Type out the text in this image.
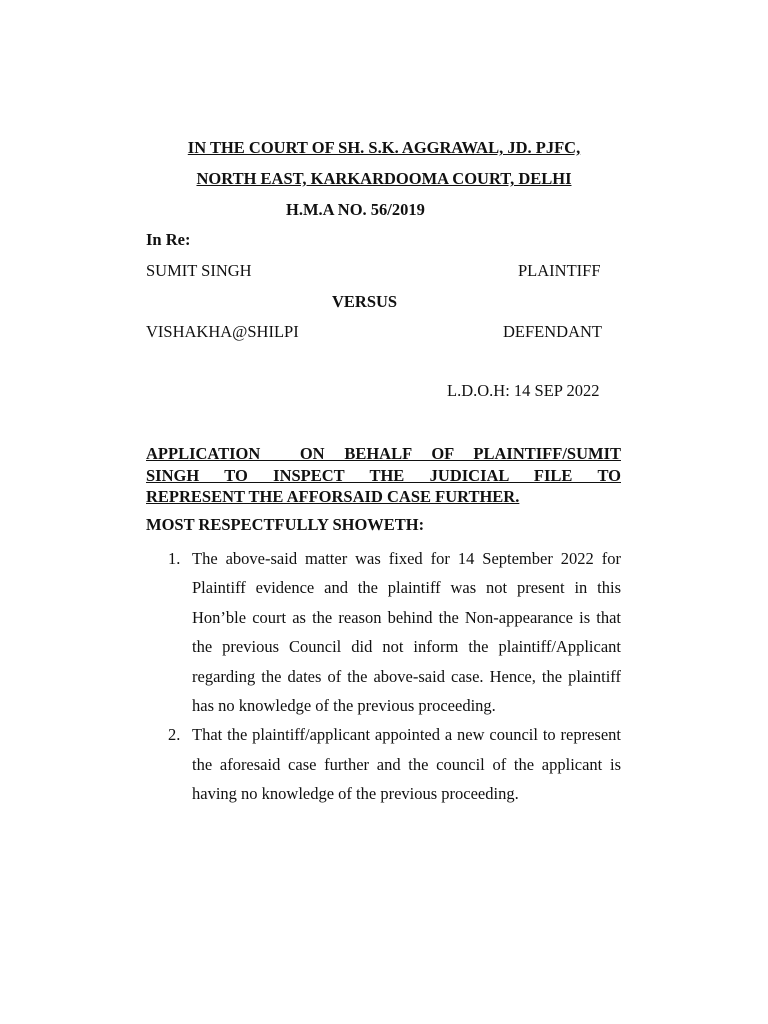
IN THE COURT OF SH. S.K. AGGRAWAL, JD. PJFC,
NORTH EAST, KARKARDOOMA COURT, DELHI
H.M.A NO. 56/2019
In Re:
SUMIT SINGH	PLAINTIFF
VERSUS
VISHAKHA@SHILPI	DEFENDANT
L.D.O.H: 14 SEP 2022
APPLICATION  ON BEHALF OF PLAINTIFF/SUMIT
SINGH TO INSPECT THE JUDICIAL FILE TO
REPRESENT THE AFFORSAID CASE FURTHER.
MOST RESPECTFULLY SHOWETH:
1. The above-said matter was fixed for 14 September 2022 for Plaintiff evidence and the plaintiff was not present in this Hon’ble court as the reason behind the Non-appearance is that the previous Council did not inform the plaintiff/Applicant regarding the dates of the above-said case. Hence, the plaintiff has no knowledge of the previous proceeding.
2. That the plaintiff/applicant appointed a new council to represent the aforesaid case further and the council of the applicant is having no knowledge of the previous proceeding.
